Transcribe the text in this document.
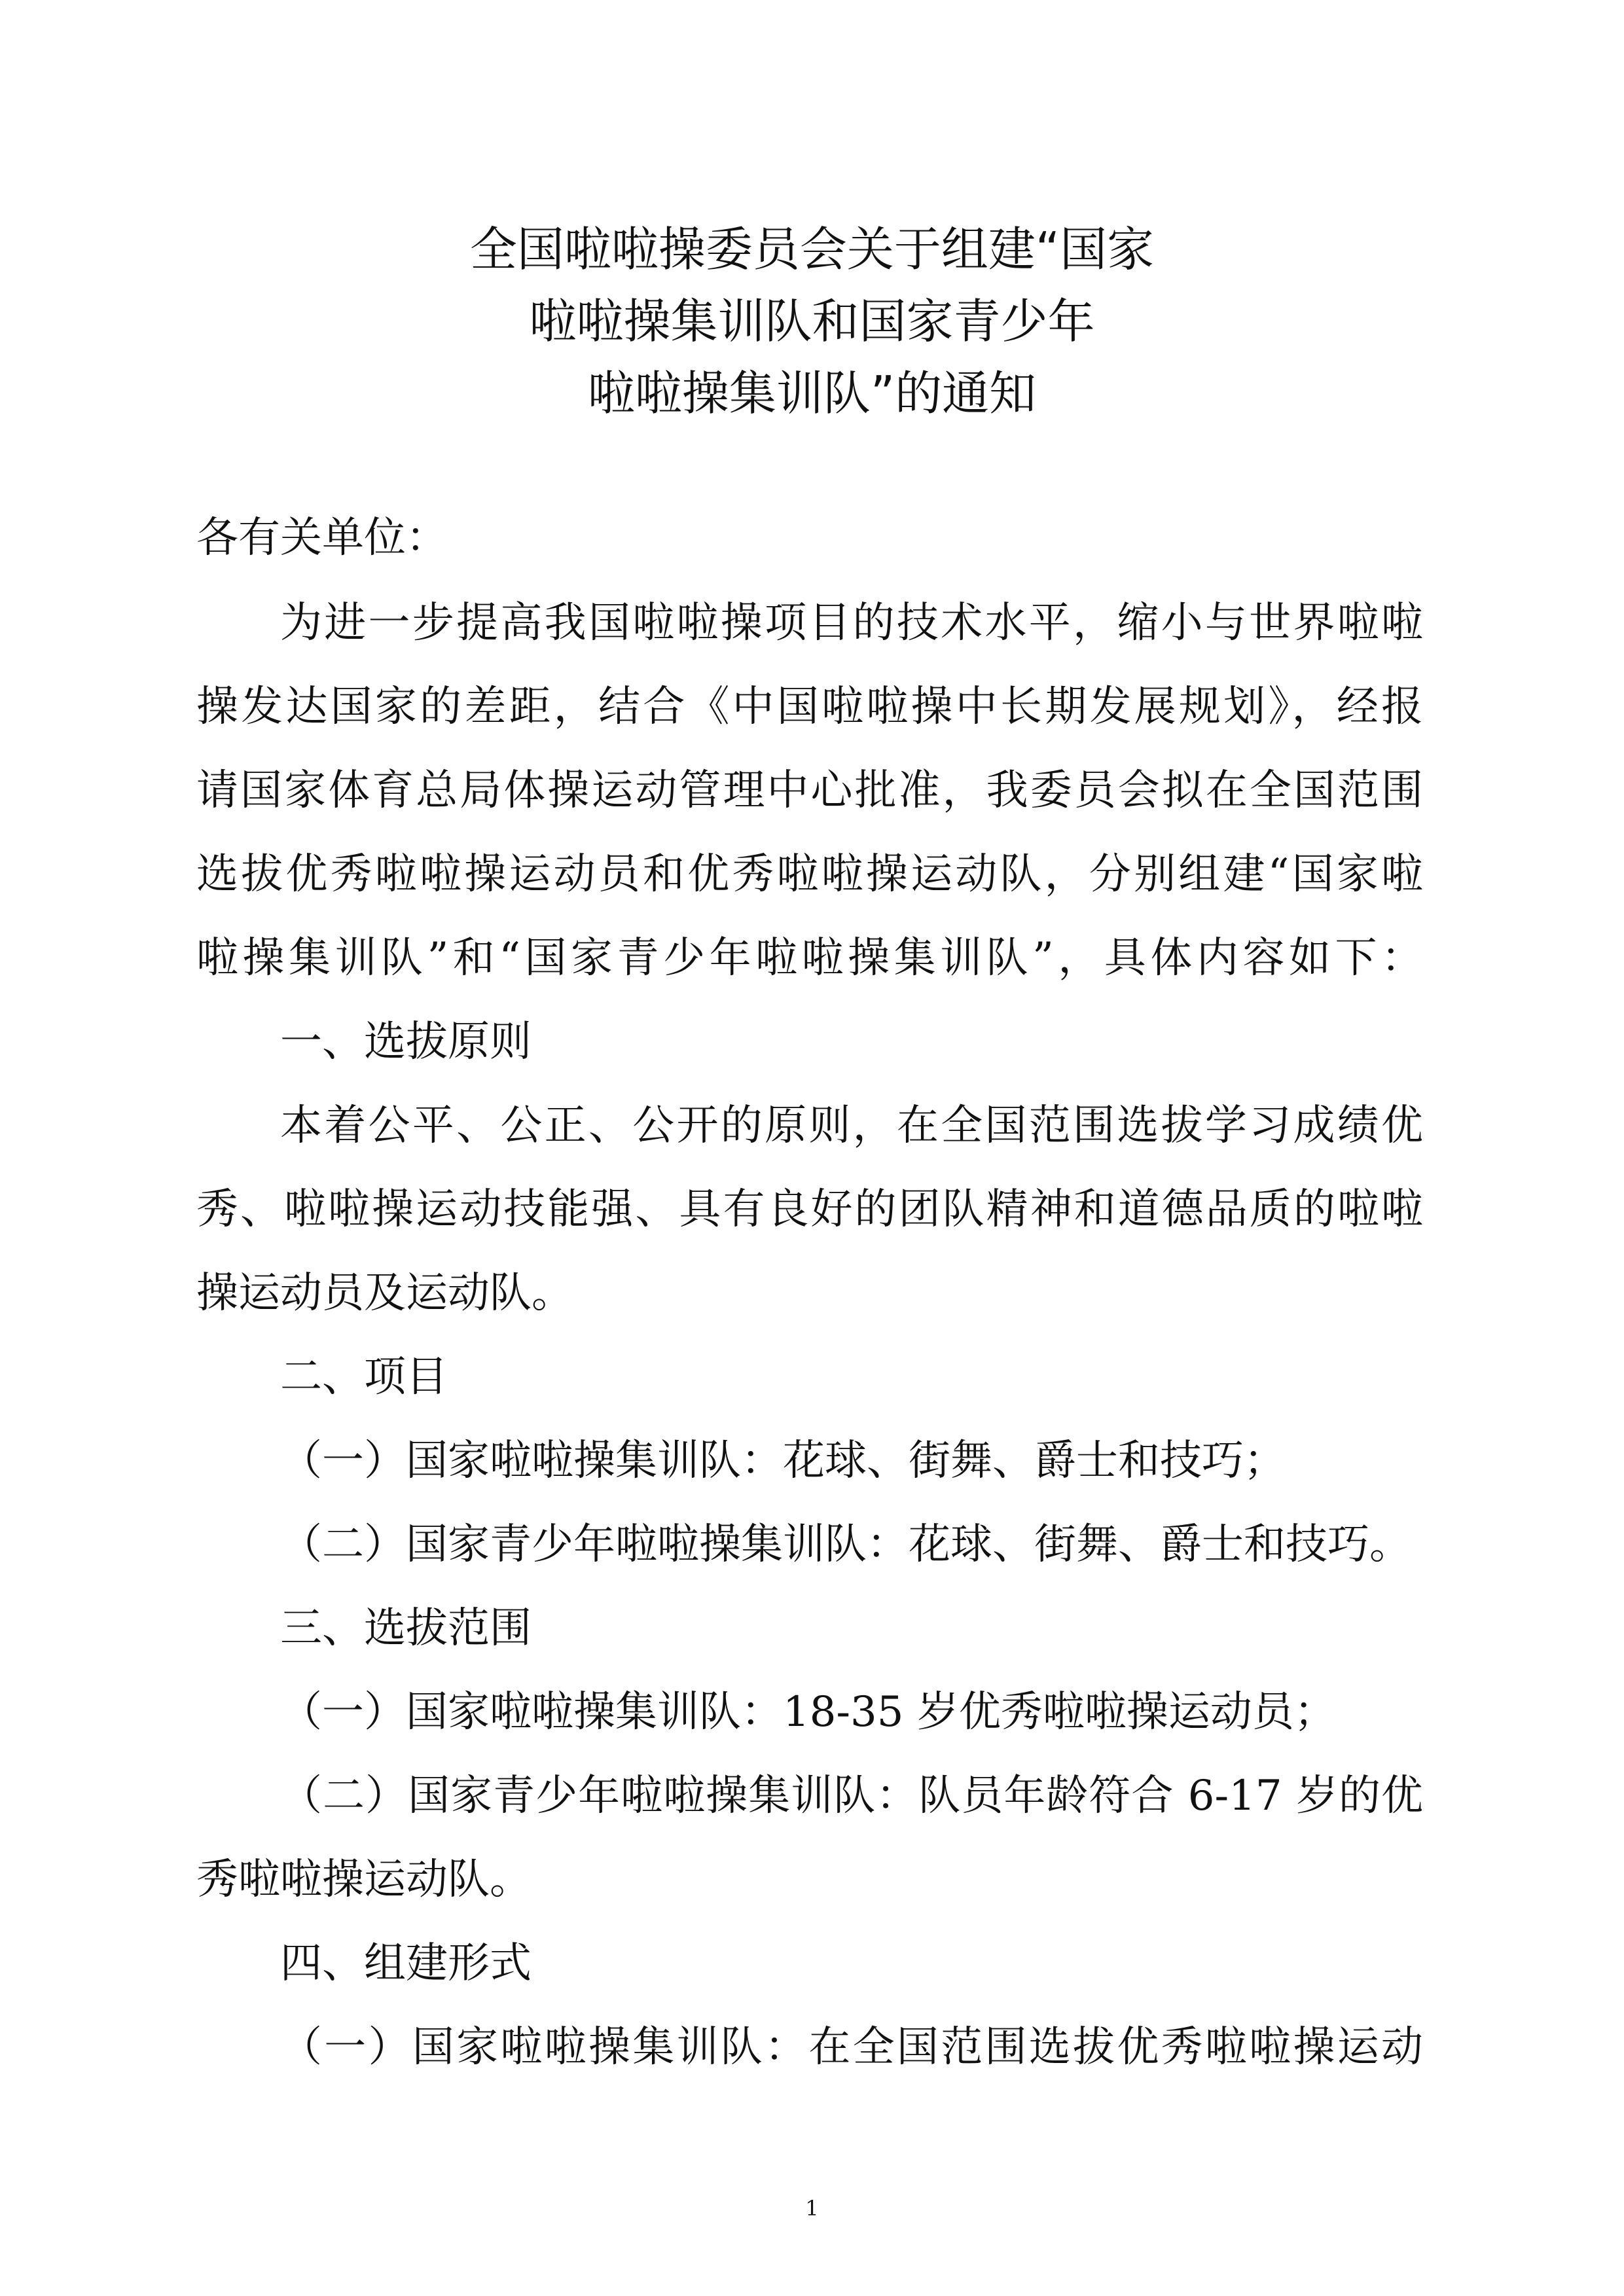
全国啦啦操委员会关于组建“国家
啦啦操集训队和国家青少年
啦啦操集训队”的通知
各有关单位：
为进一步提高我国啦啦操项目的技术水平，缩小与世界啦啦
操发达国家的差距，结合《中国啦啦操中长期发展规划》，经报
请国家体育总局体操运动管理中心批准，我委员会拟在全国范围
选拔优秀啦啦操运动员和优秀啦啦操运动队，分别组建“国家啦
啦操集训队”和“国家青少年啦啦操集训队”，具体内容如下：
一、选拔原则
本着公平、公正、公开的原则，在全国范围选拔学习成绩优
秀、啦啦操运动技能强、具有良好的团队精神和道德品质的啦啦
操运动员及运动队。
二、项目
（一）国家啦啦操集训队：花球、街舞、爵士和技巧；
（二）国家青少年啦啦操集训队：花球、街舞、爵士和技巧。
三、选拔范围
（一）国家啦啦操集训队：18-35 岁优秀啦啦操运动员；
（二）国家青少年啦啦操集训队：队员年龄符合 6-17 岁的优
秀啦啦操运动队。
四、组建形式
（一）国家啦啦操集训队：在全国范围选拔优秀啦啦操运动
1
